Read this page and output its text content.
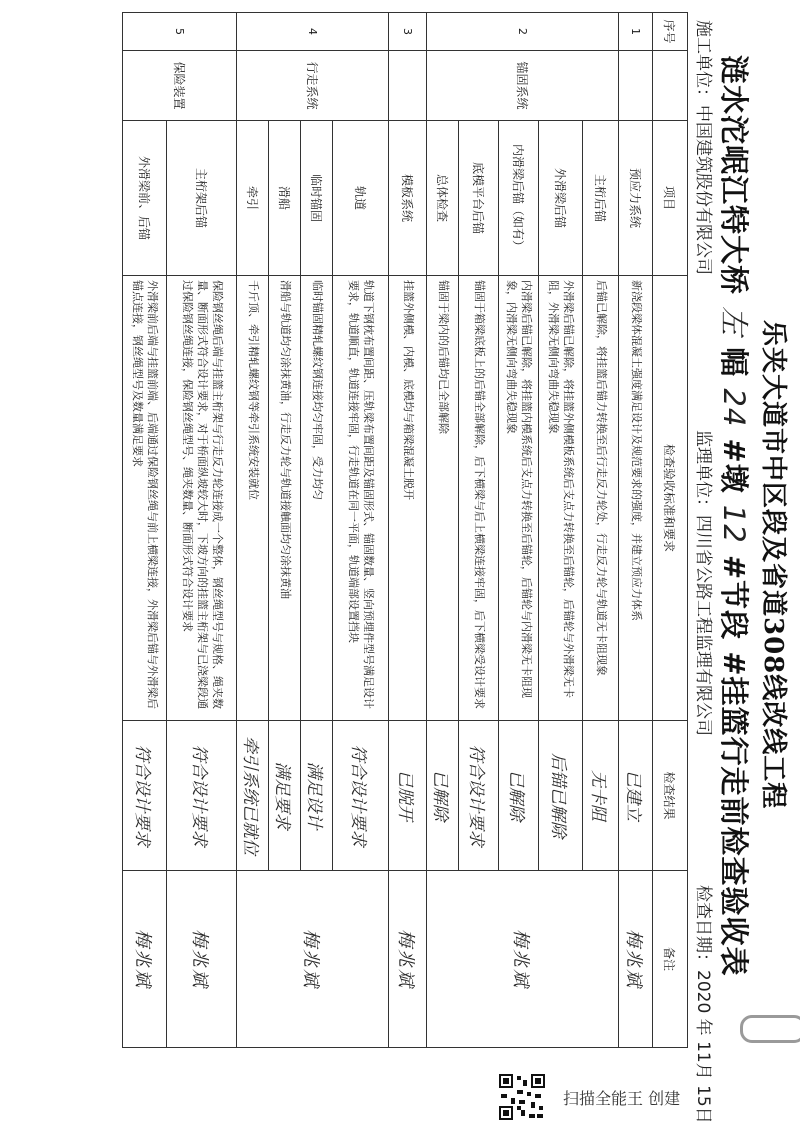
乐夹大道市中区段及省道308线改线工程
涟水沱岷江特大桥 左 幅 24 #墩 12 #节段 #挂篮行走前检查验收表
施工单位：中国建筑股份有限公司
监理单位：四川省公路工程监理有限公司
检查日期：2020 年 11月 15日
序号		项目	检查验收标准和要求	检查结果	备注
1		预应力系统	新浇段梁体混凝土强度满足设计及规范要求的强度，并建立预应力体系	已建立	梅兆斌
2	锚固系统	主桁后锚	后锚已解除，将挂篮后锚力转换至后行走反力轮处，行走反力轮与轨道无卡阻现象	无卡阻	梅兆斌
		外滑梁后锚	外滑梁后锚已解除，将挂篮外侧模板系统后支点力转换至后锚轮，后锚轮与外滑梁无卡阻，外滑梁无侧向弯曲失稳现象	后锚已解除	
		内滑梁后锚（如有）	内滑梁后锚已解除，将挂篮内模系统后支点力转换至后锚轮，后锚轮与内滑梁无卡阻现象，内滑梁无侧向弯曲失稳现象	已解除	
		底模平台后锚	锚固于箱梁底板上的后锚全部解除，后下横梁与后上横梁连接牢固，后下横梁受设计要求	符合设计要求	
		总体检查	锚固于梁内的后锚均已全部解除	已解除	
3		模板系统	挂篮外侧模、内模、底模均与箱梁混凝土脱开	已脱开	梅兆斌
4	行走系统	轨道	轨道下钢枕布置间距、压轨梁布置间距及锚固形式、锚固数量、竖向预埋件型号满足设计要求，轨道顺直，轨道连接牢固，行走轨道在同一平面，轨道端部设置挡块	符合设计要求	梅兆斌
		临时锚固	临时锚固精轧螺纹钢连接均匀牢固，受力均匀	满足设计	
		滑船	滑船与轨道均匀涂抹黄油，行走反力轮与轨道接触面均匀涂抹黄油	满足要求	
		牵引	千斤顶、牵引精轧螺纹钢等牵引系统安装就位	牵引系统已就位	
5	保险装置	主桁架后锚	保险钢丝绳后端与挂篮主桁架与行走反力轮连接成一个整体，钢丝绳型号与规格、绳夹数量、断面形式符合设计要求，对于桥面纵坡较大时，下坡方向的挂篮主桁架与已浇梁段通过保险钢丝绳连接，保险钢丝绳型号、绳夹数量、断面形式符合设计要求	符合设计要求	梅兆斌
		外滑梁前、后锚	外滑梁前后端与挂篮前端、后端通过保险钢丝绳与前上横梁连接，外滑梁后锚与外滑梁后锚点连接，钢丝绳型号及数量满足要求	符合设计要求	梅兆斌
扫描全能王 创建
